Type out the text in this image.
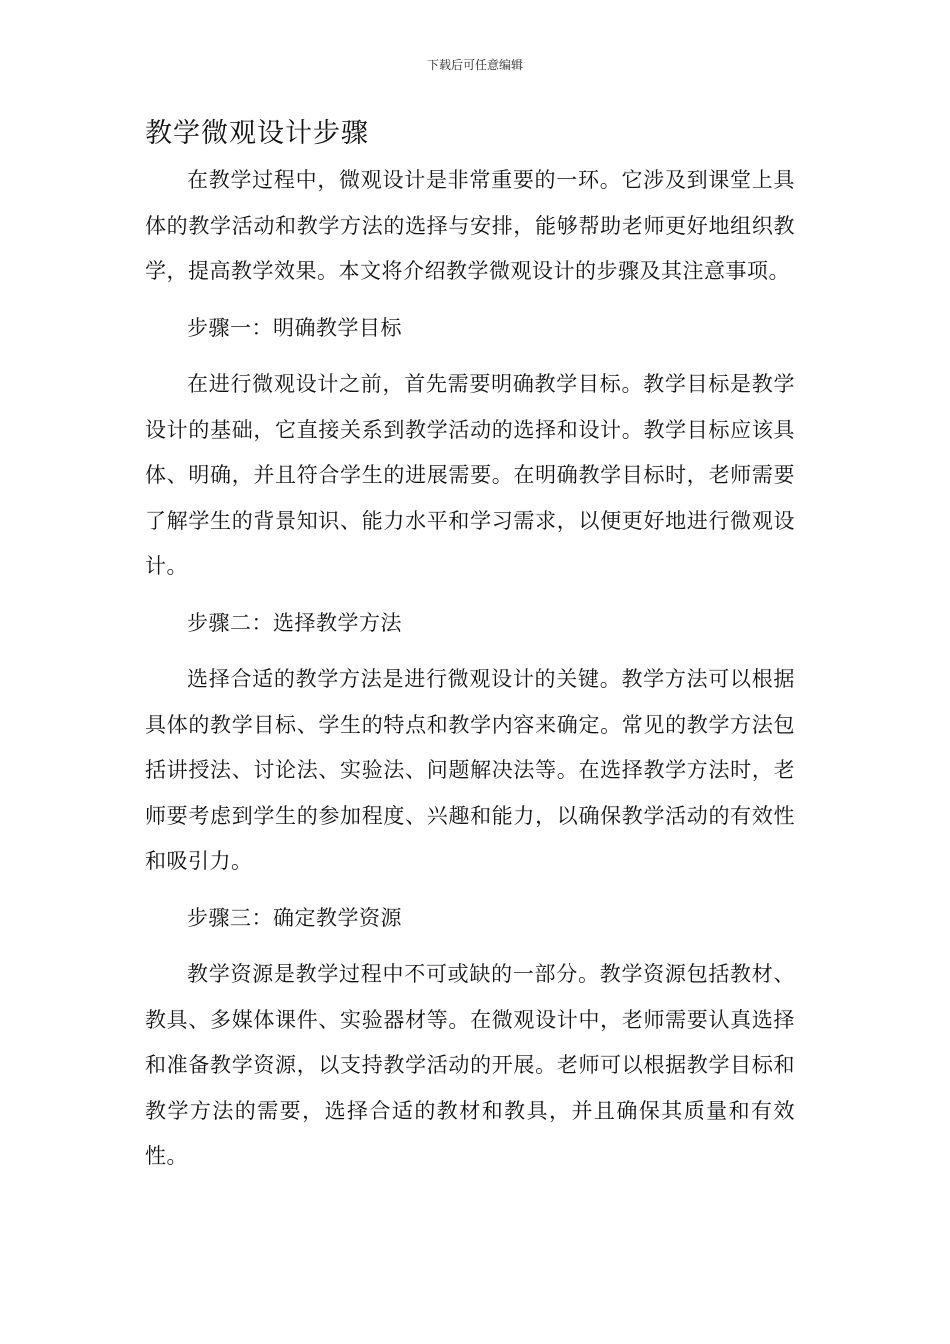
下载后可任意编辑
教学微观设计步骤

在教学过程中，微观设计是非常重要的一环。它涉及到课堂上具体的教学活动和教学方法的选择与安排，能够帮助老师更好地组织教学，提高教学效果。本文将介绍教学微观设计的步骤及其注意事项。

步骤一：明确教学目标

在进行微观设计之前，首先需要明确教学目标。教学目标是教学设计的基础，它直接关系到教学活动的选择和设计。教学目标应该具体、明确，并且符合学生的进展需要。在明确教学目标时，老师需要了解学生的背景知识、能力水平和学习需求，以便更好地进行微观设计。

步骤二：选择教学方法

选择合适的教学方法是进行微观设计的关键。教学方法可以根据具体的教学目标、学生的特点和教学内容来确定。常见的教学方法包括讲授法、讨论法、实验法、问题解决法等。在选择教学方法时，老师要考虑到学生的参加程度、兴趣和能力，以确保教学活动的有效性和吸引力。

步骤三：确定教学资源

教学资源是教学过程中不可或缺的一部分。教学资源包括教材、教具、多媒体课件、实验器材等。在微观设计中，老师需要认真选择和准备教学资源，以支持教学活动的开展。老师可以根据教学目标和教学方法的需要，选择合适的教材和教具，并且确保其质量和有效性。
